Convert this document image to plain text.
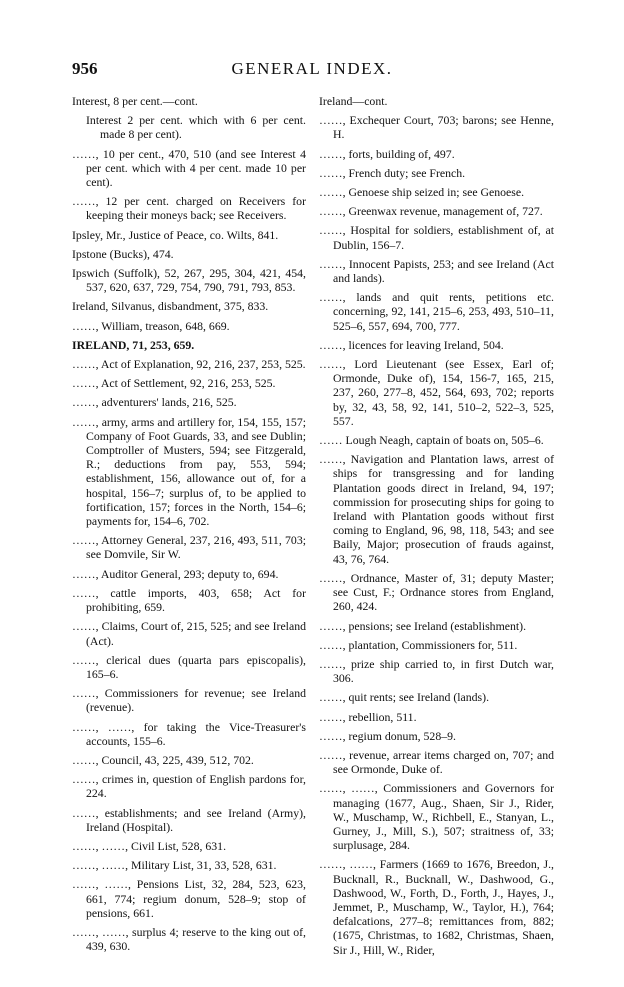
956	GENERAL INDEX.
Interest, 8 per cent.—cont.
Interest 2 per cent. which with 6 per cent. made 8 per cent).
……, 10 per cent., 470, 510 (and see Interest 4 per cent. which with 4 per cent. made 10 per cent).
……, 12 per cent. charged on Receivers for keeping their moneys back; see Receivers.
Ipsley, Mr., Justice of Peace, co. Wilts, 841.
Ipstone (Bucks), 474.
Ipswich (Suffolk), 52, 267, 295, 304, 421, 454, 537, 620, 637, 729, 754, 790, 791, 793, 853.
Ireland, Silvanus, disbandment, 375, 833.
……, William, treason, 648, 669.
IRELAND, 71, 253, 659.
……, Act of Explanation, 92, 216, 237, 253, 525.
……, Act of Settlement, 92, 216, 253, 525.
……, adventurers' lands, 216, 525.
……, army, arms and artillery for, 154, 155, 157; Company of Foot Guards, 33, and see Dublin; Comptroller of Musters, 594; see Fitzgerald, R.; deductions from pay, 553, 594; establishment, 156, allowance out of, for a hospital, 156–7; surplus of, to be applied to fortification, 157; forces in the North, 154–6; payments for, 154–6, 702.
……, Attorney General, 237, 216, 493, 511, 703; see Domvile, Sir W.
……, Auditor General, 293; deputy to, 694.
……, cattle imports, 403, 658; Act for prohibiting, 659.
……, Claims, Court of, 215, 525; and see Ireland (Act).
……, clerical dues (quarta pars episcopalis), 165–6.
……, Commissioners for revenue; see Ireland (revenue).
……, ……, for taking the Vice-Treasurer's accounts, 155–6.
……, Council, 43, 225, 439, 512, 702.
……, crimes in, question of English pardons for, 224.
……, establishments; and see Ireland (Army), Ireland (Hospital).
……, ……, Civil List, 528, 631.
……, ……, Military List, 31, 33, 528, 631.
……, ……, Pensions List, 32, 284, 523, 623, 661, 774; regium donum, 528–9; stop of pensions, 661.
……, ……, surplus 4; reserve to the king out of, 439, 630.
Ireland—cont.
……, Exchequer Court, 703; barons; see Henne, H.
……, forts, building of, 497.
……, French duty; see French.
……, Genoese ship seized in; see Genoese.
……, Greenwax revenue, management of, 727.
……, Hospital for soldiers, establishment of, at Dublin, 156–7.
……, Innocent Papists, 253; and see Ireland (Act and lands).
……, lands and quit rents, petitions etc. concerning, 92, 141, 215–6, 253, 493, 510–11, 525–6, 557, 694, 700, 777.
……, licences for leaving Ireland, 504.
……, Lord Lieutenant (see Essex, Earl of; Ormonde, Duke of), 154, 156-7, 165, 215, 237, 260, 277–8, 452, 564, 693, 702; reports by, 32, 43, 58, 92, 141, 510–2, 522–3, 525, 557.
…… Lough Neagh, captain of boats on, 505–6.
……, Navigation and Plantation laws, arrest of ships for transgressing and for landing Plantation goods direct in Ireland, 94, 197; commission for prosecuting ships for going to Ireland with Plantation goods without first coming to England, 96, 98, 118, 543; and see Baily, Major; prosecution of frauds against, 43, 76, 764.
……, Ordnance, Master of, 31; deputy Master; see Cust, F.; Ordnance stores from England, 260, 424.
……, pensions; see Ireland (establishment).
……, plantation, Commissioners for, 511.
……, prize ship carried to, in first Dutch war, 306.
……, quit rents; see Ireland (lands).
……, rebellion, 511.
……, regium donum, 528–9.
……, revenue, arrear items charged on, 707; and see Ormonde, Duke of.
……, ……, Commissioners and Governors for managing (1677, Aug., Shaen, Sir J., Rider, W., Muschamp, W., Richbell, E., Stanyan, L., Gurney, J., Mill, S.), 507; straitness of, 33; surplusage, 284.
……, ……, Farmers (1669 to 1676, Breedon, J., Bucknall, R., Bucknall, W., Dashwood, G., Dashwood, W., Forth, D., Forth, J., Hayes, J., Jemmet, P., Muschamp, W., Taylor, H.), 764; defalcations, 277–8; remittances from, 882; (1675, Christmas, to 1682, Christmas, Shaen, Sir J., Hill, W., Rider,
